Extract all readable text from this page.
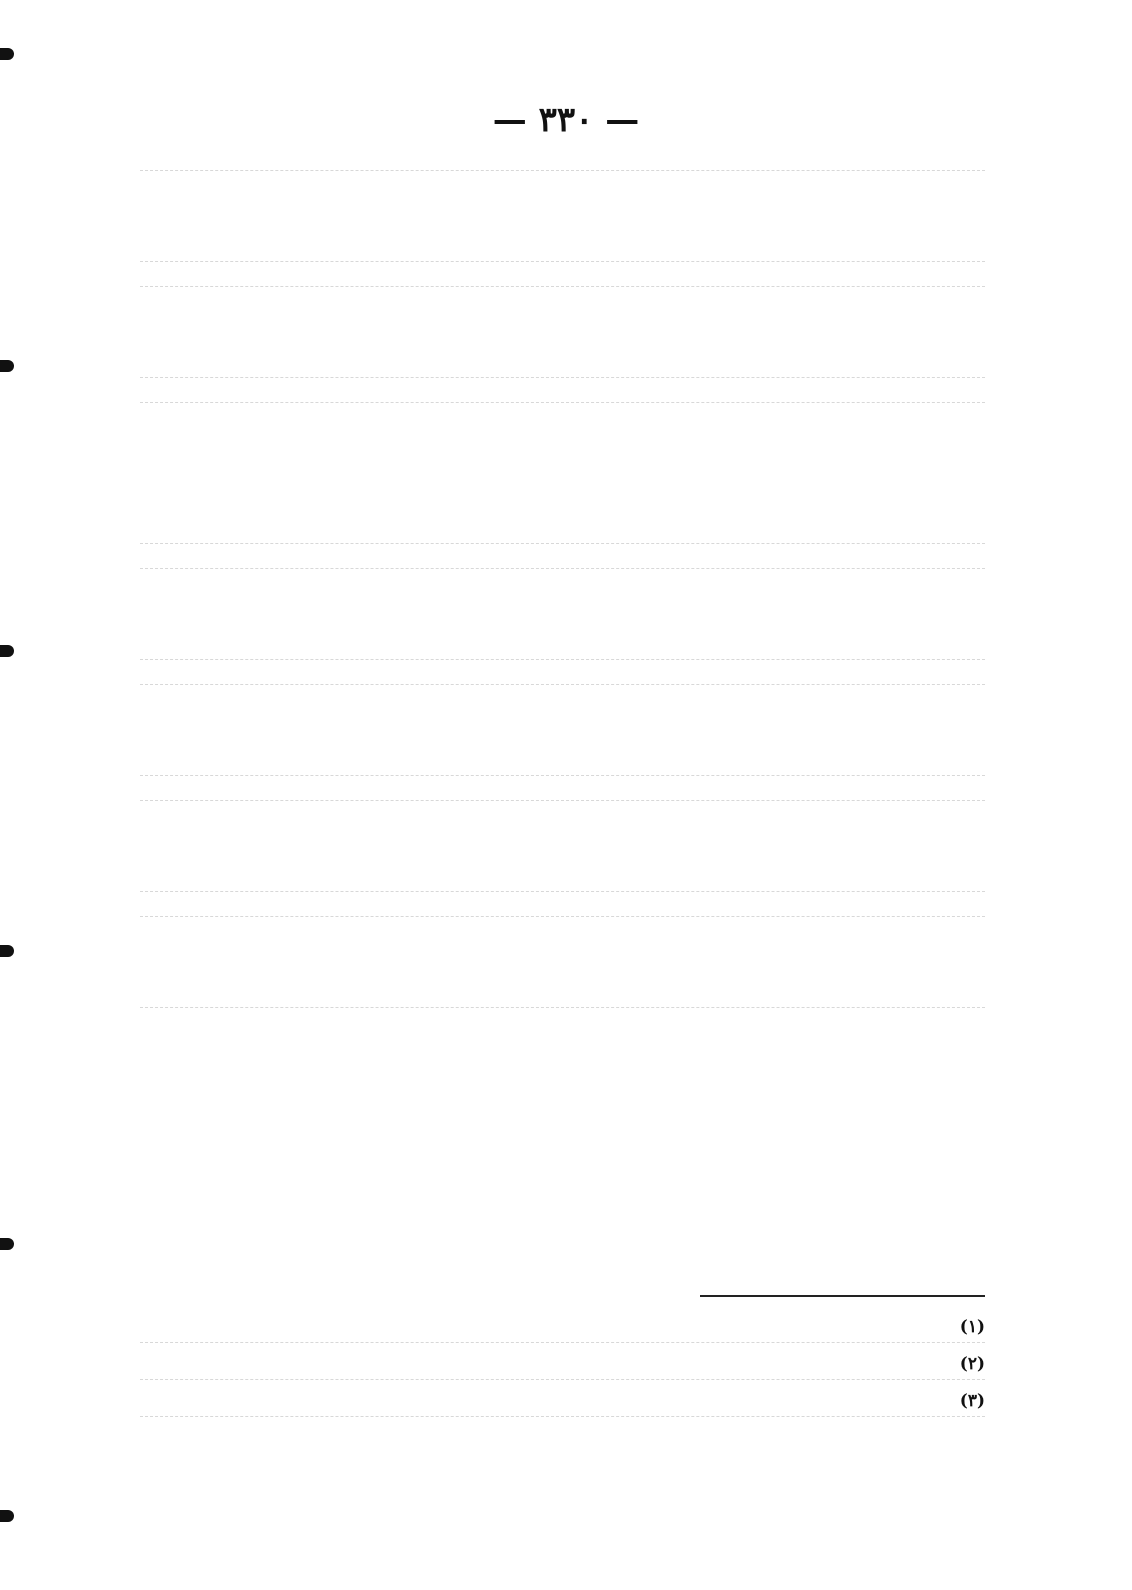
— ٣٣٠ —
(١)
(٢)
(٣)
